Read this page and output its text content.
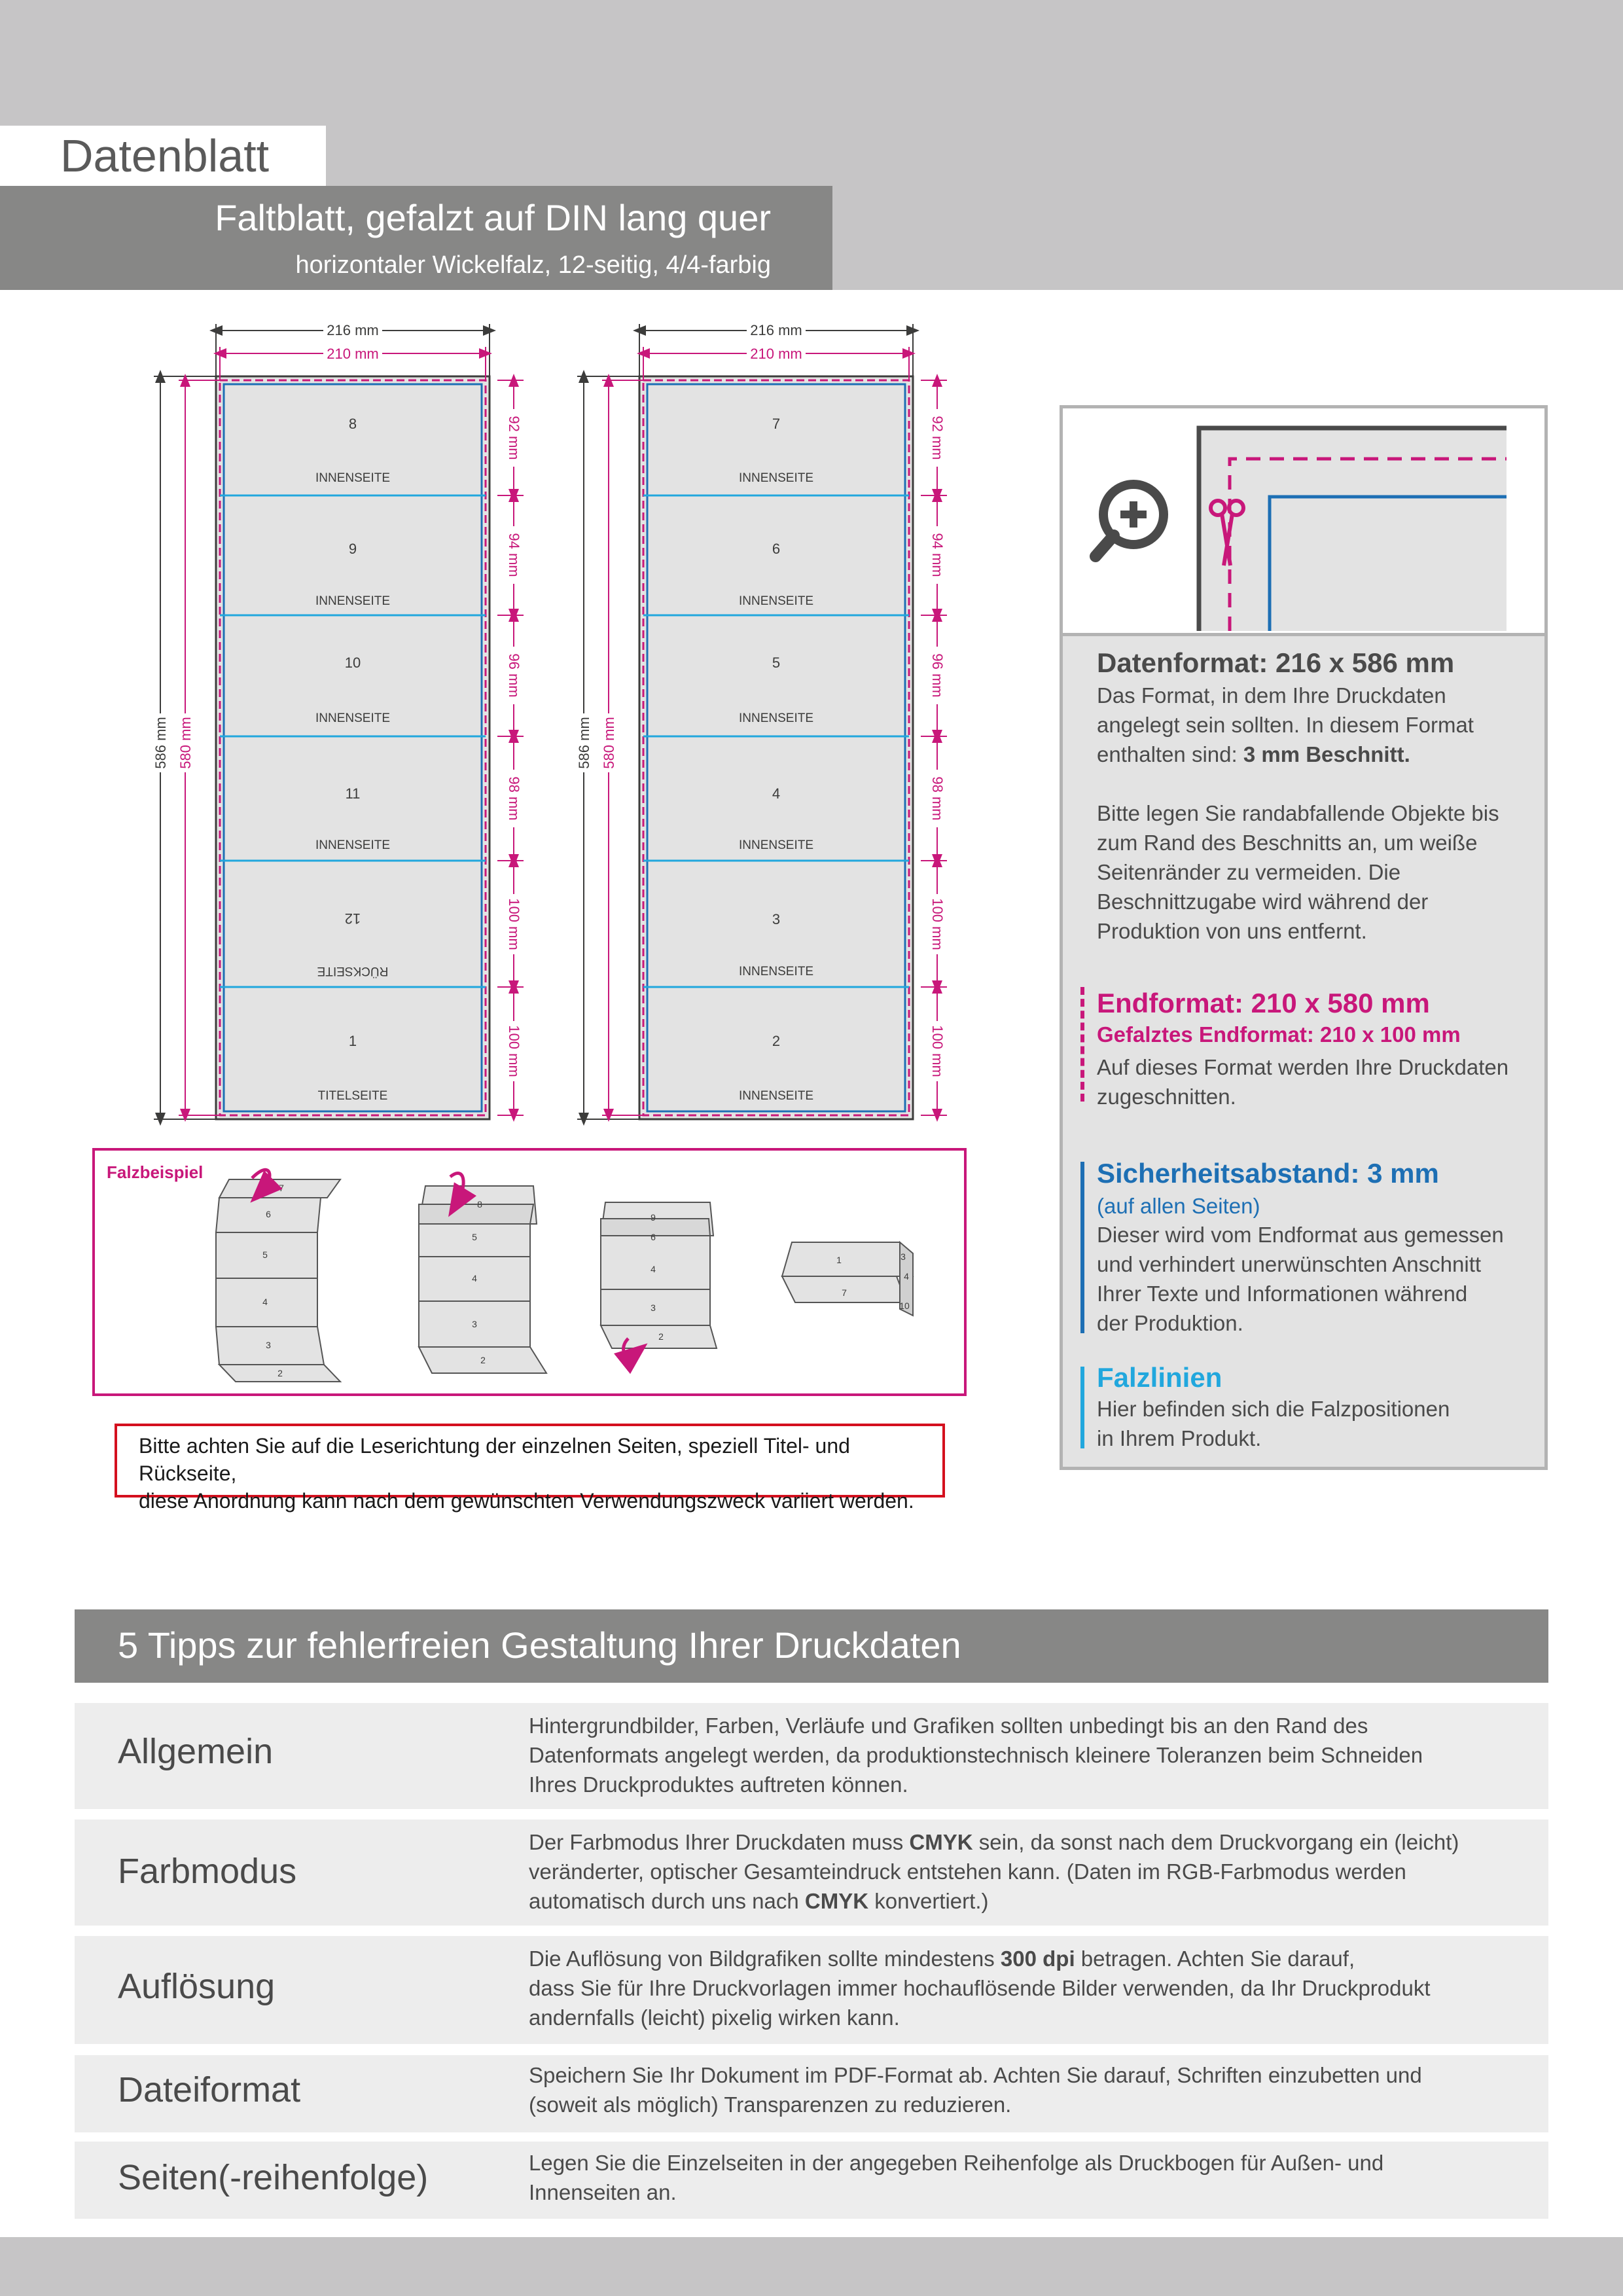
Datenblatt
Faltblatt, gefalzt auf DIN lang quer
horizontaler Wickelfalz, 12-seitig, 4/4-farbig
216 mm
210 mm
586 mm 580 mm
92 mm
94 mm
96 mm
98 mm
100 mm
100 mm
8
INNENSEITE
9
INNENSEITE
10
INNENSEITE
11
INNENSEITE
12
RÜCKSEITE
1
TITELSEITE
216 mm
210 mm
586 mm 580 mm
92 mm
94 mm
96 mm
98 mm
100 mm
100 mm
7
INNENSEITE
6
INNENSEITE
5
INNENSEITE
4
INNENSEITE
3
INNENSEITE
2
INNENSEITE
Falzbeispiel
7
6
5
4
3
2
8
5
4
3
2
9
6
4
3
2
1
7
3
4
10
Bitte achten Sie auf die Leserichtung der einzelnen Seiten, speziell Titel- und Rückseite,
diese Anordnung kann nach dem gewünschten Verwendungszweck variiert werden.
Datenformat: 216 x 586 mm
Das Format, in dem Ihre Druckdaten
angelegt sein sollten. In diesem Format
enthalten sind: 3 mm Beschnitt.
Bitte legen Sie randabfallende Objekte bis
zum Rand des Beschnitts an, um weiße
Seitenränder zu vermeiden. Die
Beschnittzugabe wird während der
Produktion von uns entfernt.
Endformat: 210 x 580 mm
Gefalztes Endformat: 210 x 100 mm
Auf dieses Format werden Ihre Druckdaten
zugeschnitten.
Sicherheitsabstand: 3 mm
(auf allen Seiten)
Dieser wird vom Endformat aus gemessen
und verhindert unerwünschten Anschnitt
Ihrer Texte und Informationen während
der Produktion.
Falzlinien
Hier befinden sich die Falzpositionen
in Ihrem Produkt.
5 Tipps zur fehlerfreien Gestaltung Ihrer Druckdaten
Allgemein
Hintergrundbilder, Farben, Verläufe und Grafiken sollten unbedingt bis an den Rand des
Datenformats angelegt werden, da produktionstechnisch kleinere Toleranzen beim Schneiden
Ihres Druckproduktes auftreten können.
Farbmodus
Der Farbmodus Ihrer Druckdaten muss CMYK sein, da sonst nach dem Druckvorgang ein (leicht)
veränderter, optischer Gesamteindruck entstehen kann. (Daten im RGB-Farbmodus werden
automatisch durch uns nach CMYK konvertiert.)
Auflösung
Die Auflösung von Bildgrafiken sollte mindestens 300 dpi betragen. Achten Sie darauf,
dass Sie für Ihre Druckvorlagen immer hochauflösende Bilder verwenden, da Ihr Druckprodukt
andernfalls (leicht) pixelig wirken kann.
Dateiformat	Speichern Sie Ihr Dokument im PDF-Format ab. Achten Sie darauf, Schriften einzubetten und
(soweit als möglich) Transparenzen zu reduzieren.
Seiten(-reihenfolge)	Legen Sie die Einzelseiten in der angegeben Reihenfolge als Druckbogen für Außen- und
Innenseiten an.
